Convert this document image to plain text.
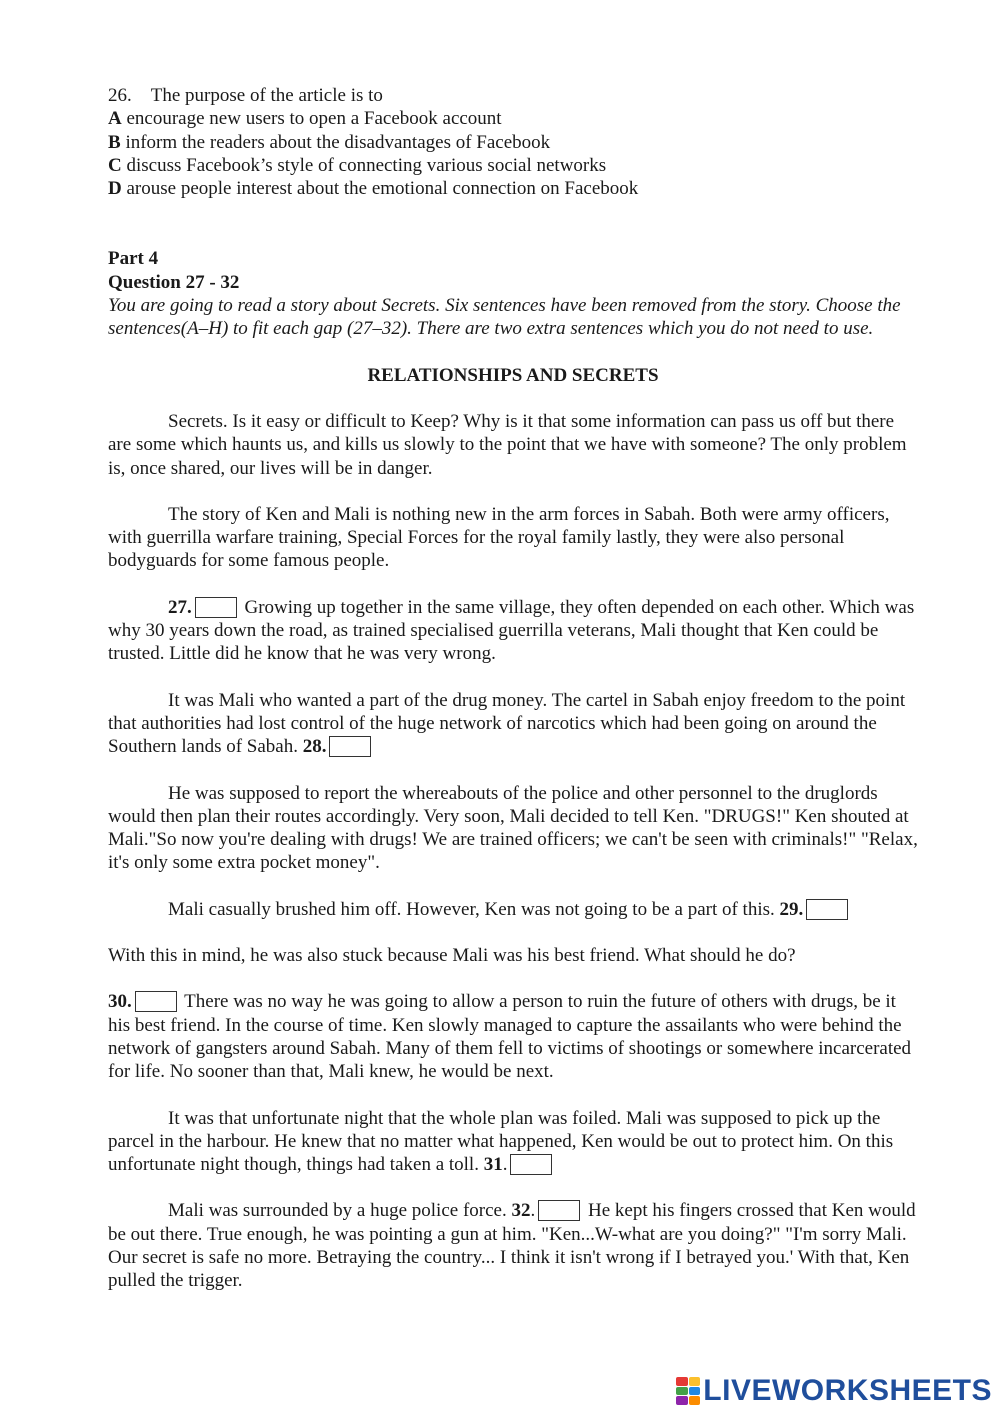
26.    The purpose of the article is to
A encourage new users to open a Facebook account
B inform the readers about the disadvantages of Facebook
C discuss Facebook’s style of connecting various social networks
D arouse people interest about the emotional connection on Facebook

Part 4

Question 27 - 32

You are going to read a story about Secrets. Six sentences have been removed from the story. Choose the sentences(A–H) to fit each gap (27–32). There are two extra sentences which you do not need to use.

RELATIONSHIPS AND SECRETS

Secrets. Is it easy or difficult to Keep? Why is it that some information can pass us off but there are some which haunts us, and kills us slowly to the point that we have with someone? The only problem is, once shared, our lives will be in danger.

The story of Ken and Mali is nothing new in the arm forces in Sabah. Both were army officers, with guerrilla warfare training, Special Forces for the royal family lastly, they were also personal bodyguards for some famous people.

27.	Growing up together in the same village, they often depended on each other. Which was why 30 years down the road, as trained specialised guerrilla veterans, Mali thought that Ken could be trusted. Little did he know that he was very wrong.

It was Mali who wanted a part of the drug money. The cartel in Sabah enjoy freedom to the point that authorities had lost control of the huge network of narcotics which had been going on around the Southern lands of Sabah. 28.

He was supposed to report the whereabouts of the police and other personnel to the druglords would then plan their routes accordingly. Very soon, Mali decided to tell Ken. "DRUGS!" Ken shouted at Mali."So now you're dealing with drugs! We are trained officers; we can't be seen with criminals!" "Relax, it's only some extra pocket money".

Mali casually brushed him off. However, Ken was not going to be a part of this. 29.

With this in mind, he was also stuck because Mali was his best friend. What should he do?

30.	There was no way he was going to allow a person to ruin the future of others with drugs, be it his best friend. In the course of time. Ken slowly managed to capture the assailants who were behind the network of gangsters around Sabah. Many of them fell to victims of shootings or somewhere incarcerated for life. No sooner than that, Mali knew, he would be next.

It was that unfortunate night that the whole plan was foiled. Mali was supposed to pick up the parcel in the harbour. He knew that no matter what happened, Ken would be out to protect him. On this unfortunate night though, things had taken a toll. 31.

Mali was surrounded by a huge police force. 32.	He kept his fingers crossed that Ken would be out there. True enough, he was pointing a gun at him. "Ken...W-what are you doing?" "I'm sorry Mali. Our secret is safe no more. Betraying the country... I think it isn't wrong if I betrayed you.' With that, Ken pulled the trigger.

LIVEWORKSHEETS
